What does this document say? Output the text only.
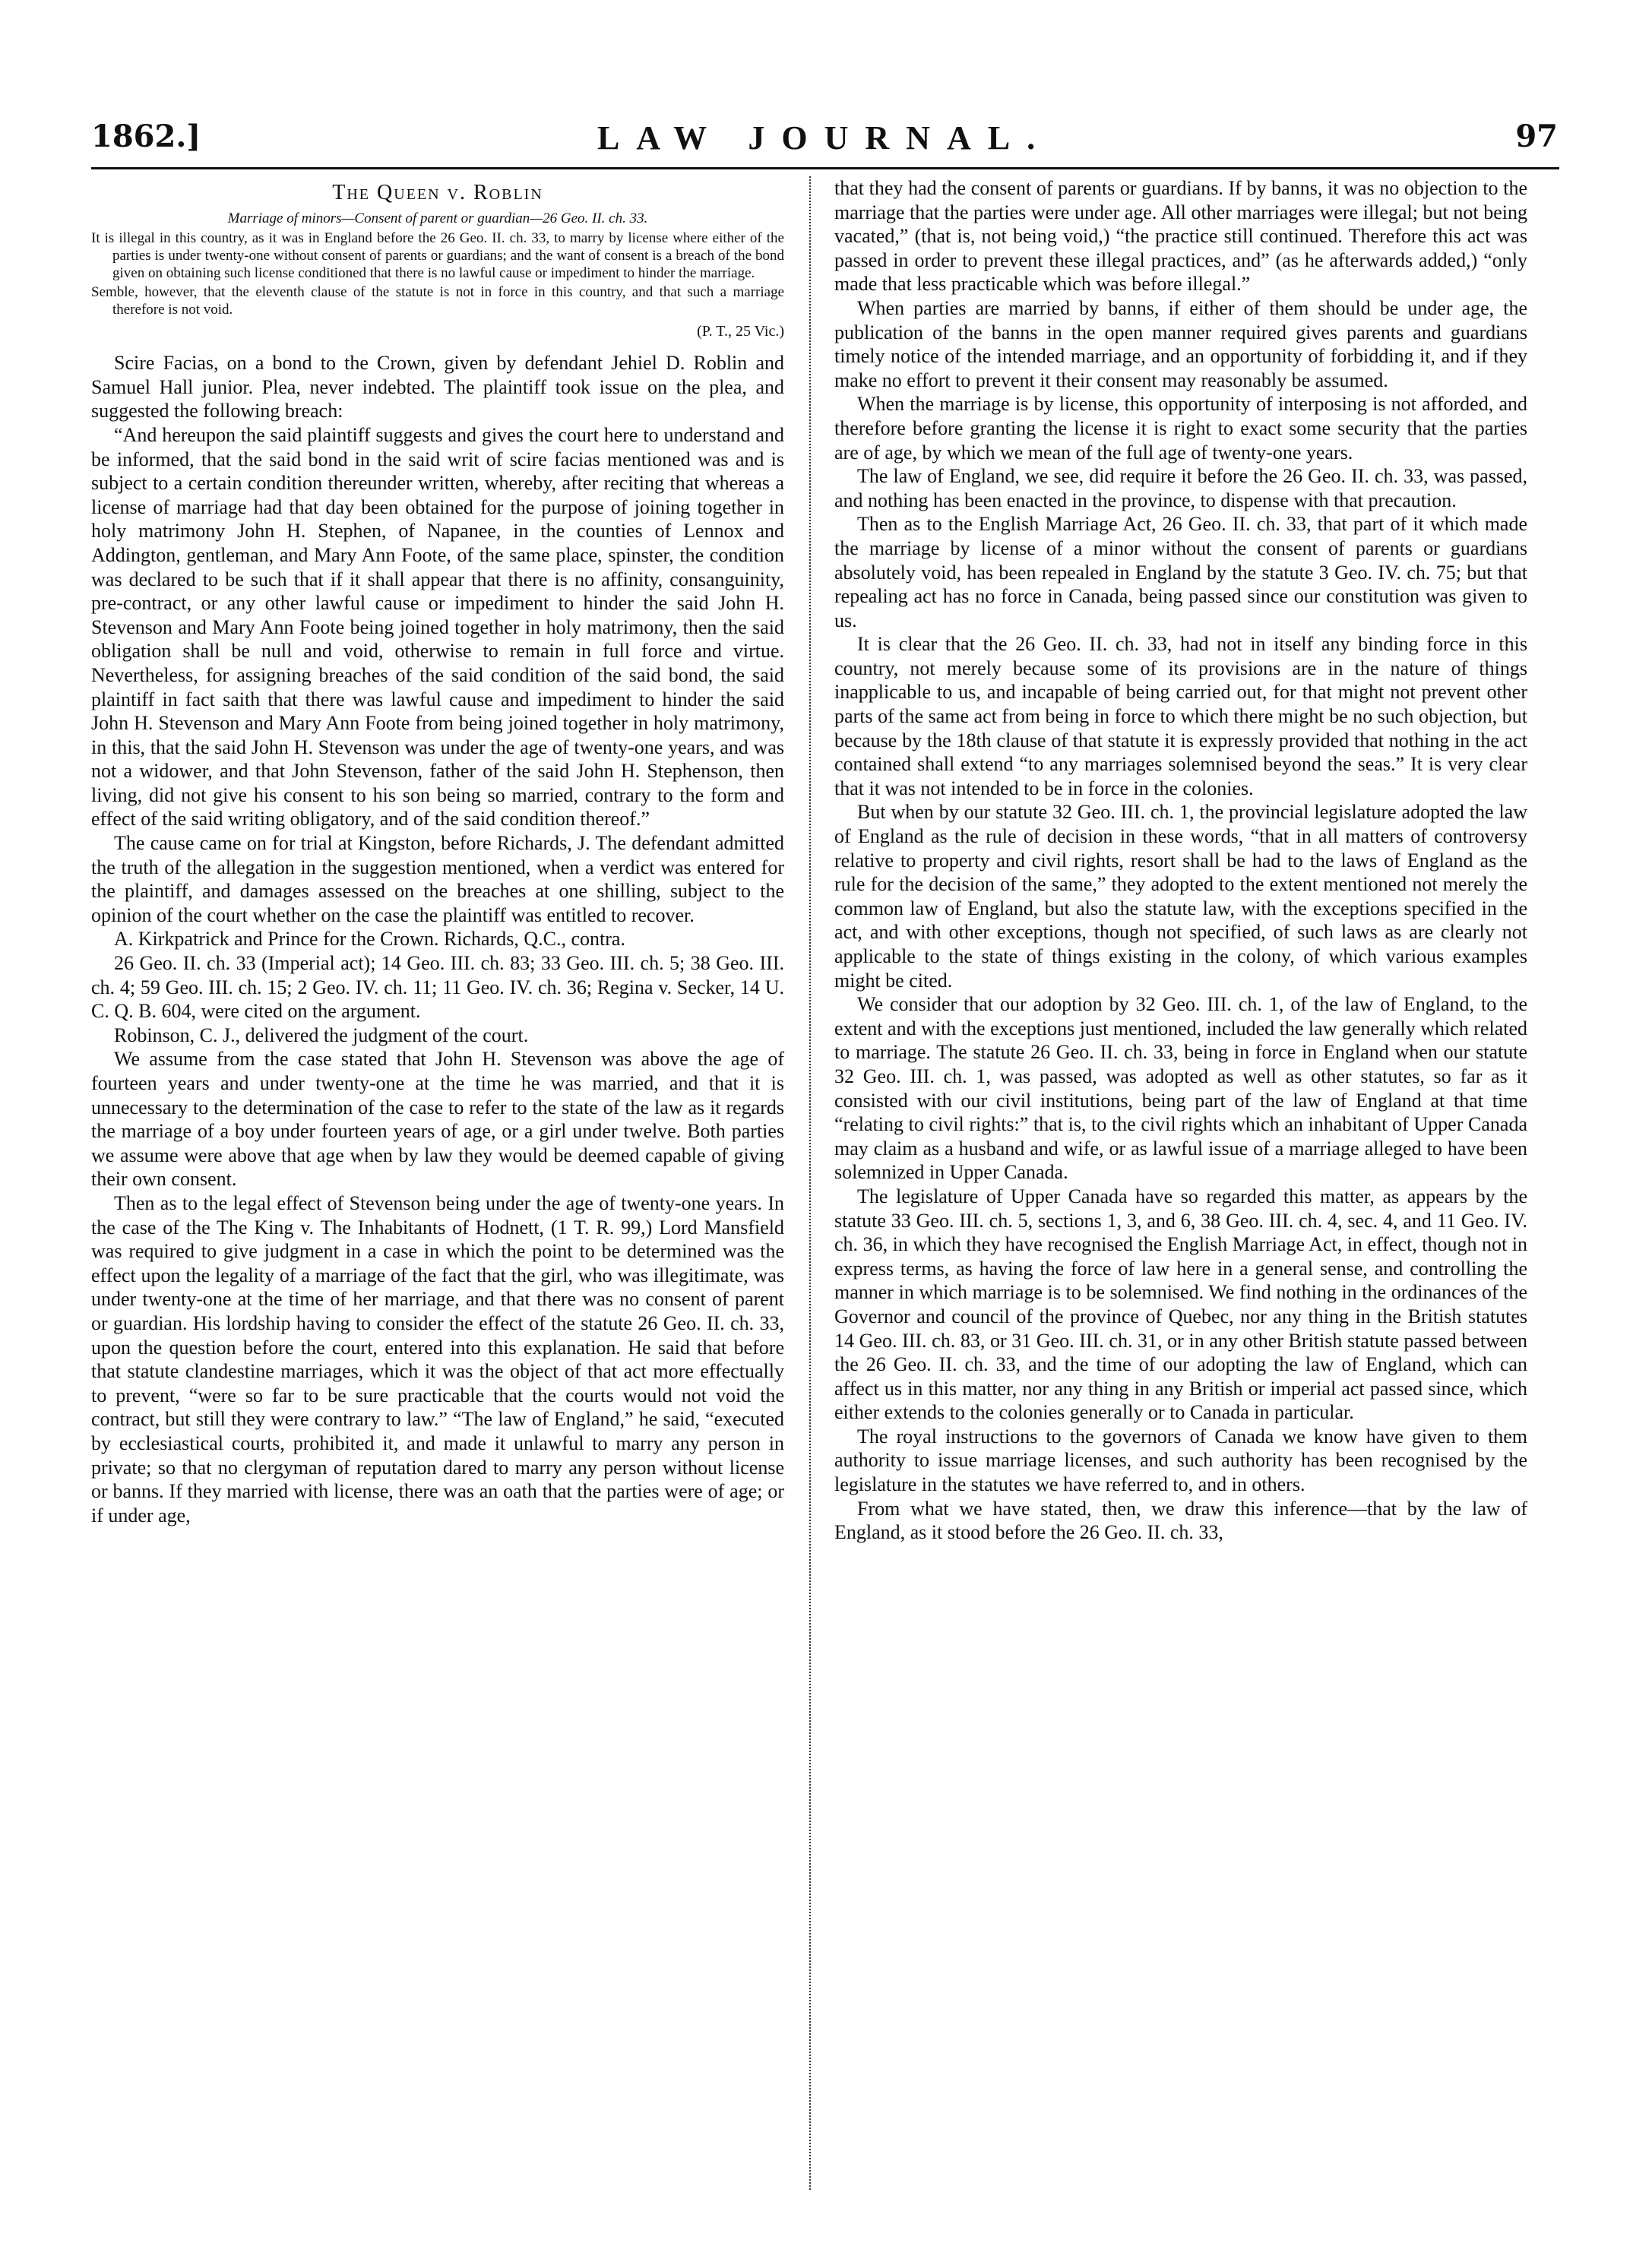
1862.]	LAW JOURNAL.	97
The Queen v. Roblin
Marriage of minors—Consent of parent or guardian—26 Geo. II. ch. 33.
It is illegal in this country, as it was in England before the 26 Geo. II. ch. 33, to marry by license where either of the parties is under twenty-one without consent of parents or guardians; and the want of consent is a breach of the bond given on obtaining such license conditioned that there is no lawful cause or impediment to hinder the marriage.
Semble, however, that the eleventh clause of the statute is not in force in this country, and that such a marriage therefore is not void.
(P. T., 25 Vic.)

Scire Facias, on a bond to the Crown, given by defendant Jehiel D. Roblin and Samuel Hall junior. Plea, never indebted. The plaintiff took issue on the plea, and suggested the following breach:

“And hereupon the said plaintiff suggests and gives the court here to understand and be informed, that the said bond in the said writ of scire facias mentioned was and is subject to a certain condition thereunder written, whereby, after reciting that whereas a license of marriage had that day been obtained for the purpose of joining together in holy matrimony John H. Stephen, of Napanee, in the counties of Lennox and Addington, gentleman, and Mary Ann Foote, of the same place, spinster, the condition was declared to be such that if it shall appear that there is no affinity, consanguinity, pre-contract, or any other lawful cause or impediment to hinder the said John H. Stevenson and Mary Ann Foote being joined together in holy matrimony, then the said obligation shall be null and void, otherwise to remain in full force and virtue. Nevertheless, for assigning breaches of the said condition of the said bond, the said plaintiff in fact saith that there was lawful cause and impediment to hinder the said John H. Stevenson and Mary Ann Foote from being joined together in holy matrimony, in this, that the said John H. Stevenson was under the age of twenty-one years, and was not a widower, and that John Stevenson, father of the said John H. Stephenson, then living, did not give his consent to his son being so married, contrary to the form and effect of the said writing obligatory, and of the said condition thereof.”

The cause came on for trial at Kingston, before Richards, J. The defendant admitted the truth of the allegation in the suggestion mentioned, when a verdict was entered for the plaintiff, and damages assessed on the breaches at one shilling, subject to the opinion of the court whether on the case the plaintiff was entitled to recover.

A. Kirkpatrick and Prince for the Crown. Richards, Q.C., contra.

26 Geo. II. ch. 33 (Imperial act); 14 Geo. III. ch. 83; 33 Geo. III. ch. 5; 38 Geo. III. ch. 4; 59 Geo. III. ch. 15; 2 Geo. IV. ch. 11; 11 Geo. IV. ch. 36; Regina v. Secker, 14 U. C. Q. B. 604, were cited on the argument.

Robinson, C. J., delivered the judgment of the court.

We assume from the case stated that John H. Stevenson was above the age of fourteen years and under twenty-one at the time he was married, and that it is unnecessary to the determination of the case to refer to the state of the law as it regards the marriage of a boy under fourteen years of age, or a girl under twelve. Both parties we assume were above that age when by law they would be deemed capable of giving their own consent.

Then as to the legal effect of Stevenson being under the age of twenty-one years. In the case of the The King v. The Inhabitants of Hodnett, (1 T. R. 99,) Lord Mansfield was required to give judgment in a case in which the point to be determined was the effect upon the legality of a marriage of the fact that the girl, who was illegitimate, was under twenty-one at the time of her marriage, and that there was no consent of parent or guardian. His lordship having to consider the effect of the statute 26 Geo. II. ch. 33, upon the question before the court, entered into this explanation. He said that before that statute clandestine marriages, which it was the object of that act more effectually to prevent, “were so far to be sure practicable that the courts would not void the contract, but still they were contrary to law.” “The law of England,” he said, “executed by ecclesiastical courts, prohibited it, and made it unlawful to marry any person in private; so that no clergyman of reputation dared to marry any person without license or banns. If they married with license, there was an oath that the parties were of age; or if under age,

that they had the consent of parents or guardians. If by banns, it was no objection to the marriage that the parties were under age. All other marriages were illegal; but not being vacated,” (that is, not being void,) “the practice still continued. Therefore this act was passed in order to prevent these illegal practices, and” (as he afterwards added,) “only made that less practicable which was before illegal.”

When parties are married by banns, if either of them should be under age, the publication of the banns in the open manner required gives parents and guardians timely notice of the intended marriage, and an opportunity of forbidding it, and if they make no effort to prevent it their consent may reasonably be assumed.

When the marriage is by license, this opportunity of interposing is not afforded, and therefore before granting the license it is right to exact some security that the parties are of age, by which we mean of the full age of twenty-one years.

The law of England, we see, did require it before the 26 Geo. II. ch. 33, was passed, and nothing has been enacted in the province, to dispense with that precaution.

Then as to the English Marriage Act, 26 Geo. II. ch. 33, that part of it which made the marriage by license of a minor without the consent of parents or guardians absolutely void, has been repealed in England by the statute 3 Geo. IV. ch. 75; but that repealing act has no force in Canada, being passed since our constitution was given to us.

It is clear that the 26 Geo. II. ch. 33, had not in itself any binding force in this country, not merely because some of its provisions are in the nature of things inapplicable to us, and incapable of being carried out, for that might not prevent other parts of the same act from being in force to which there might be no such objection, but because by the 18th clause of that statute it is expressly provided that nothing in the act contained shall extend “to any marriages solemnised beyond the seas.” It is very clear that it was not intended to be in force in the colonies.

But when by our statute 32 Geo. III. ch. 1, the provincial legislature adopted the law of England as the rule of decision in these words, “that in all matters of controversy relative to property and civil rights, resort shall be had to the laws of England as the rule for the decision of the same,” they adopted to the extent mentioned not merely the common law of England, but also the statute law, with the exceptions specified in the act, and with other exceptions, though not specified, of such laws as are clearly not applicable to the state of things existing in the colony, of which various examples might be cited.

We consider that our adoption by 32 Geo. III. ch. 1, of the law of England, to the extent and with the exceptions just mentioned, included the law generally which related to marriage. The statute 26 Geo. II. ch. 33, being in force in England when our statute 32 Geo. III. ch. 1, was passed, was adopted as well as other statutes, so far as it consisted with our civil institutions, being part of the law of England at that time “relating to civil rights:” that is, to the civil rights which an inhabitant of Upper Canada may claim as a husband and wife, or as lawful issue of a marriage alleged to have been solemnized in Upper Canada.

The legislature of Upper Canada have so regarded this matter, as appears by the statute 33 Geo. III. ch. 5, sections 1, 3, and 6, 38 Geo. III. ch. 4, sec. 4, and 11 Geo. IV. ch. 36, in which they have recognised the English Marriage Act, in effect, though not in express terms, as having the force of law here in a general sense, and controlling the manner in which marriage is to be solemnised. We find nothing in the ordinances of the Governor and council of the province of Quebec, nor any thing in the British statutes 14 Geo. III. ch. 83, or 31 Geo. III. ch. 31, or in any other British statute passed between the 26 Geo. II. ch. 33, and the time of our adopting the law of England, which can affect us in this matter, nor any thing in any British or imperial act passed since, which either extends to the colonies generally or to Canada in particular.

The royal instructions to the governors of Canada we know have given to them authority to issue marriage licenses, and such authority has been recognised by the legislature in the statutes we have referred to, and in others.

From what we have stated, then, we draw this inference—that by the law of England, as it stood before the 26 Geo. II. ch. 33,
